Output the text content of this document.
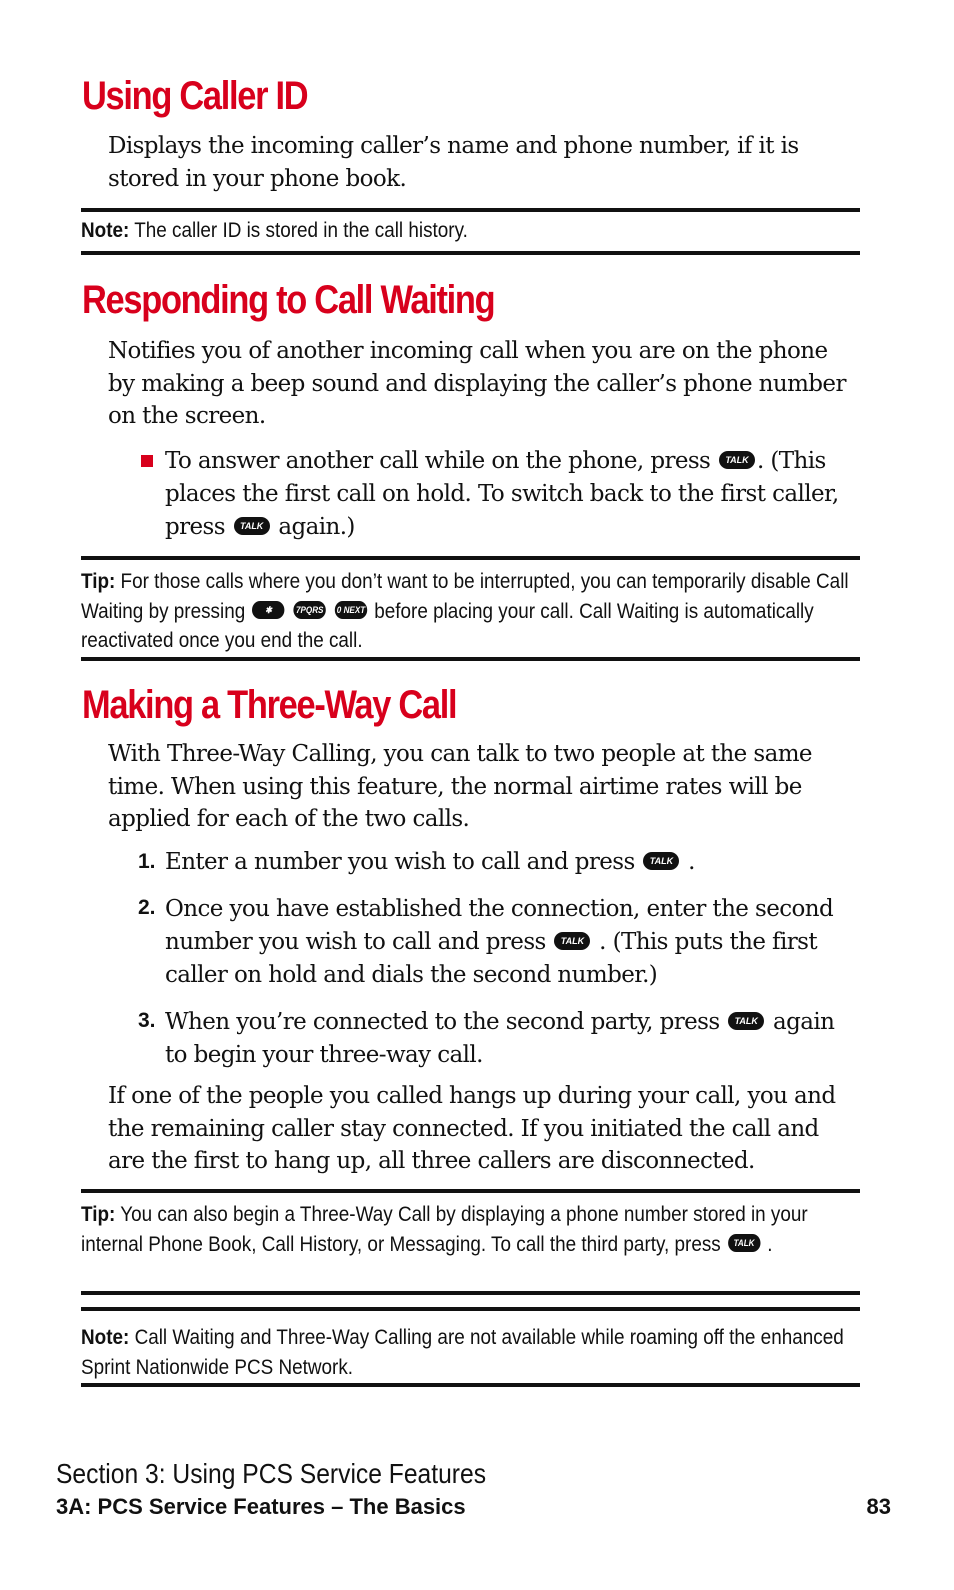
Using Caller ID

Displays the incoming caller’s name and phone number, if it is stored in your phone book.

Note: The caller ID is stored in the call history.
Responding to Call Waiting

Notifies you of another incoming call when you are on the phone by making a beep sound and displaying the caller’s phone number on the screen.

To answer another call while on the phone, press TALK . (This places the first call on hold. To switch back to the first caller, press TALK again.)

Tip: For those calls where you don’t want to be interrupted, you can temporarily disable Call Waiting by pressing ✱	7PQRS 0 NEXT before placing your call. Call Waiting is automatically reactivated once you end the call.
Making a Three-Way Call

With Three-Way Calling, you can talk to two people at the same time. When using this feature, the normal airtime rates will be applied for each of the two calls.

1. Enter a number you wish to call and press TALK .

2. Once you have established the connection, enter the second number you wish to call and press TALK . (This puts the first caller on hold and dials the second number.)

3. When you’re connected to the second party, press TALK again to begin your three-way call.

If one of the people you called hangs up during your call, you and the remaining caller stay connected. If you initiated the call and are the first to hang up, all three callers are disconnected.

Tip: You can also begin a Three-Way Call by displaying a phone number stored in your internal Phone Book, Call History, or Messaging. To call the third party, press TALK .
Note: Call Waiting and Three-Way Calling are not available while roaming off the enhanced Sprint Nationwide PCS Network.
Section 3: Using PCS Service Features
3A: PCS Service Features – The Basics	83
